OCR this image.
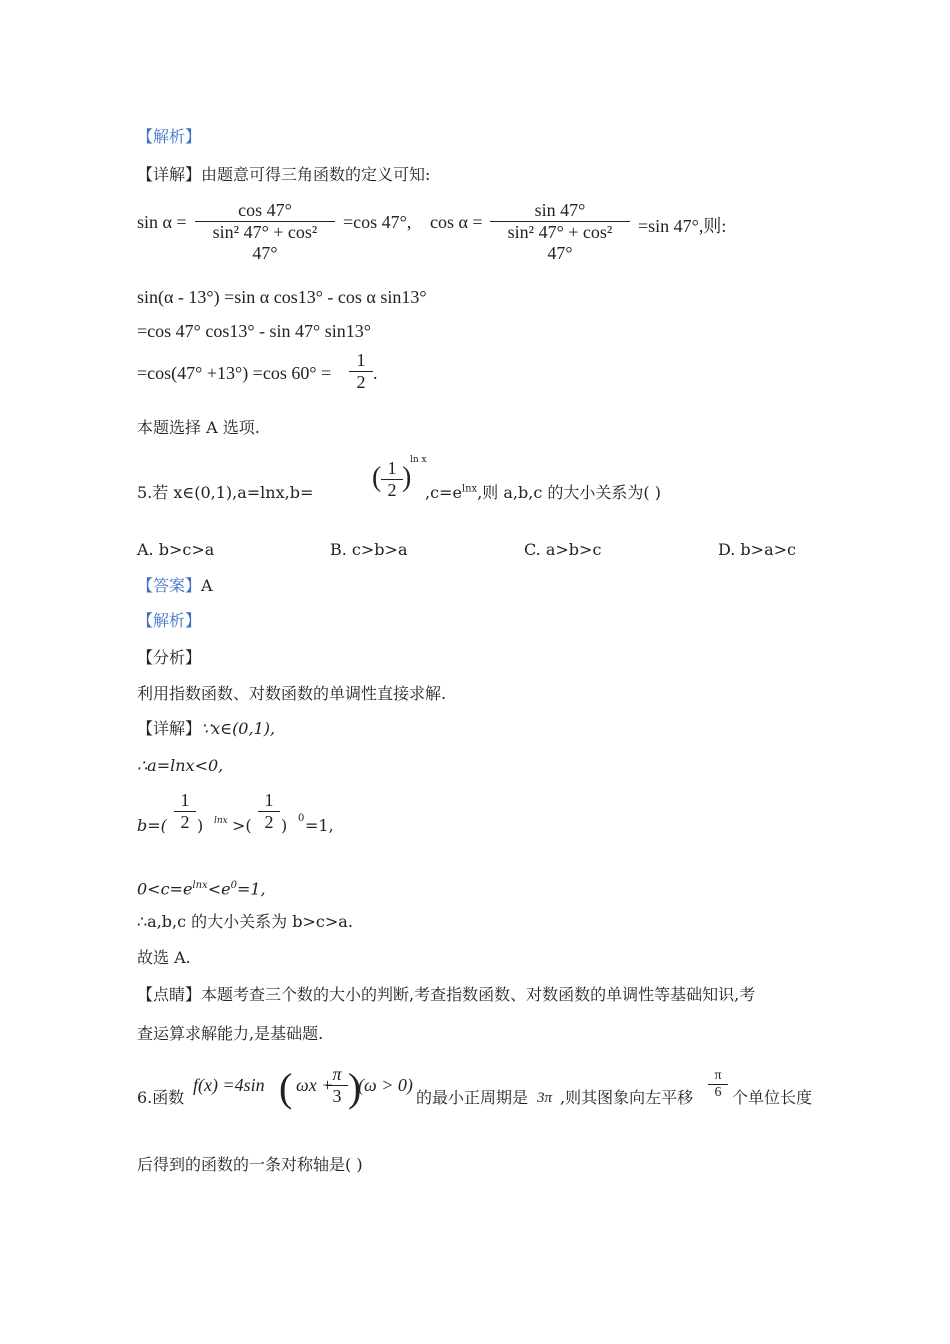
【解析】
【详解】由题意可得三角函数的定义可知:
$\sin \alpha = \frac{\cos 47^\circ}{\text{sin² 47° + cos² 47°}} =\cos$ 47°, $\cos \alpha = \frac{\sin 47^\circ}{\text{sin² 47° + cos² 47°}} =\sin$ 47°,则:
sin(α - 13°) =sin α cos13° - cos α sin13°
=cos 47° cos13° - sin 47° sin13°
=cos(47° +13°) =cos $60^\circ = \frac{1}{2}$ .
本题选择 A 选项.
5.若 x∈(0,1),a=lnx,b= ( $\frac{1}{2}$ )
ln x
$,c=e^{lnx}$,则 a,b,c 的大小关系为( )
A. b>c>a	B. c>b>a	C. a>b>c	D. b>a>c
【答案】A
【解析】
【分析】
利用指数函数、对数函数的单调性直接求解.
【详解】∵x∈(0,1),
∴a=lnx<0,
$b=( \frac{1}{2}$ ) lnx >( $\frac{1}{2}$ ) 0 =1,
$0<c=e^{lnx}<e^0=1$,
∴a,b,c 的大小关系为 b>c>a.
故选 A.
【点睛】本题考查三个数的大小的判断,考查指数函数、对数函数的单调性等基础知识,考
查运算求解能力,是基础题.
6.函数
f(x) =4sin ( ωx +
$\frac{\pi}{3}$ )
(ω > 0)
的最小正周期是 3π ,则其图象向左平移 $\frac{\pi}{6}$ 个单位长度
后得到的函数的一条对称轴是( )
